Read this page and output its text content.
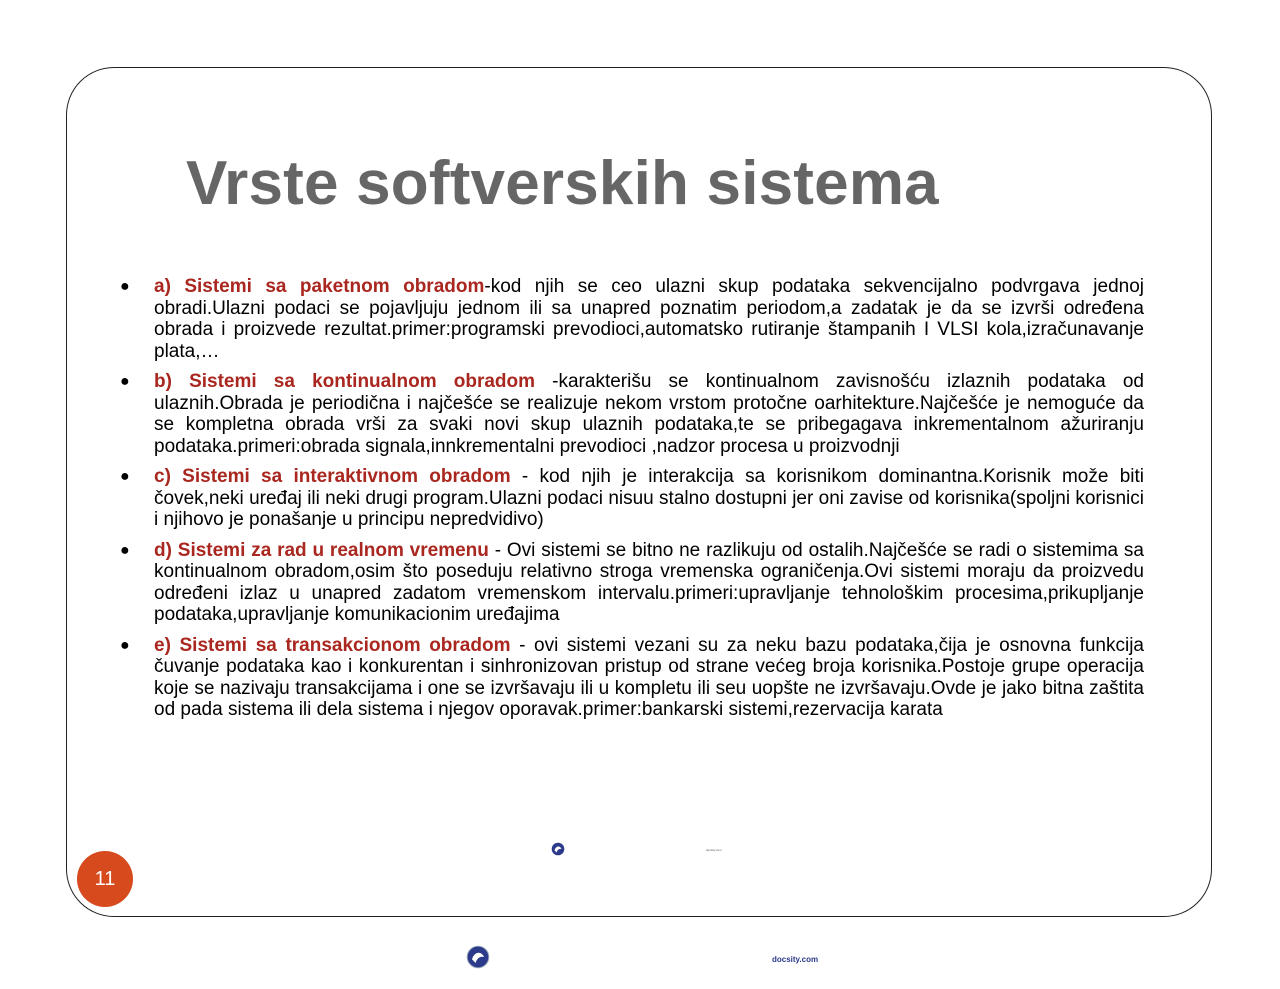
Vrste softverskih sistema
● a) Sistemi sa paketnom obradom-kod njih se ceo ulazni skup podataka sekvencijalno podvrgava jednoj obradi.Ulazni podaci se pojavljuju jednom ili sa unapred poznatim periodom,a zadatak je da se izvrši određena obrada i proizvede rezultat.primer:programski prevodioci,automatsko rutiranje štampanih I VLSI kola,izračunavanje plata,…
● b) Sistemi sa kontinualnom obradom -karakterišu se kontinualnom zavisnošću izlaznih podataka od ulaznih.Obrada je periodična i najčešće se realizuje nekom vrstom protočne oarhitekture.Najčešće je nemoguće da se kompletna obrada vrši za svaki novi skup ulaznih podataka,te se pribegagava inkrementalnom ažuriranju podataka.primeri:obrada signala,innkrementalni prevodioci ,nadzor procesa u proizvodnji
● c) Sistemi sa interaktivnom obradom - kod njih je interakcija sa korisnikom dominantna.Korisnik može biti čovek,neki uređaj ili neki drugi program.Ulazni podaci nisuu stalno dostupni jer oni zavise od korisnika(spoljni korisnici i njihovo je ponašanje u principu nepredvidivo)
● d) Sistemi za rad u realnom vremenu - Ovi sistemi se bitno ne razlikuju od ostalih.Najčešće se radi o sistemima sa kontinualnom obradom,osim što poseduju relativno stroga vremenska ograničenja.Ovi sistemi moraju da proizvedu određeni izlaz u unapred zadatom vremenskom intervalu.primeri:upravljanje tehnološkim procesima,prikupljanje podataka,upravljanje komunikacionim uređajima
● e) Sistemi sa transakcionom obradom - ovi sistemi vezani su za neku bazu podataka,čija je osnovna funkcija čuvanje podataka kao i konkurentan i sinhronizovan pristup od strane većeg broja korisnika.Postoje grupe operacija koje se nazivaju transakcijama i one se izvršavaju ili u kompletu ili seu uopšte ne izvršavaju.Ovde je jako bitna zaštita od pada sistema ili dela sistema i njegov oporavak.primer:bankarski sistemi,rezervacija karata
11
docsity.com
docsity.com
